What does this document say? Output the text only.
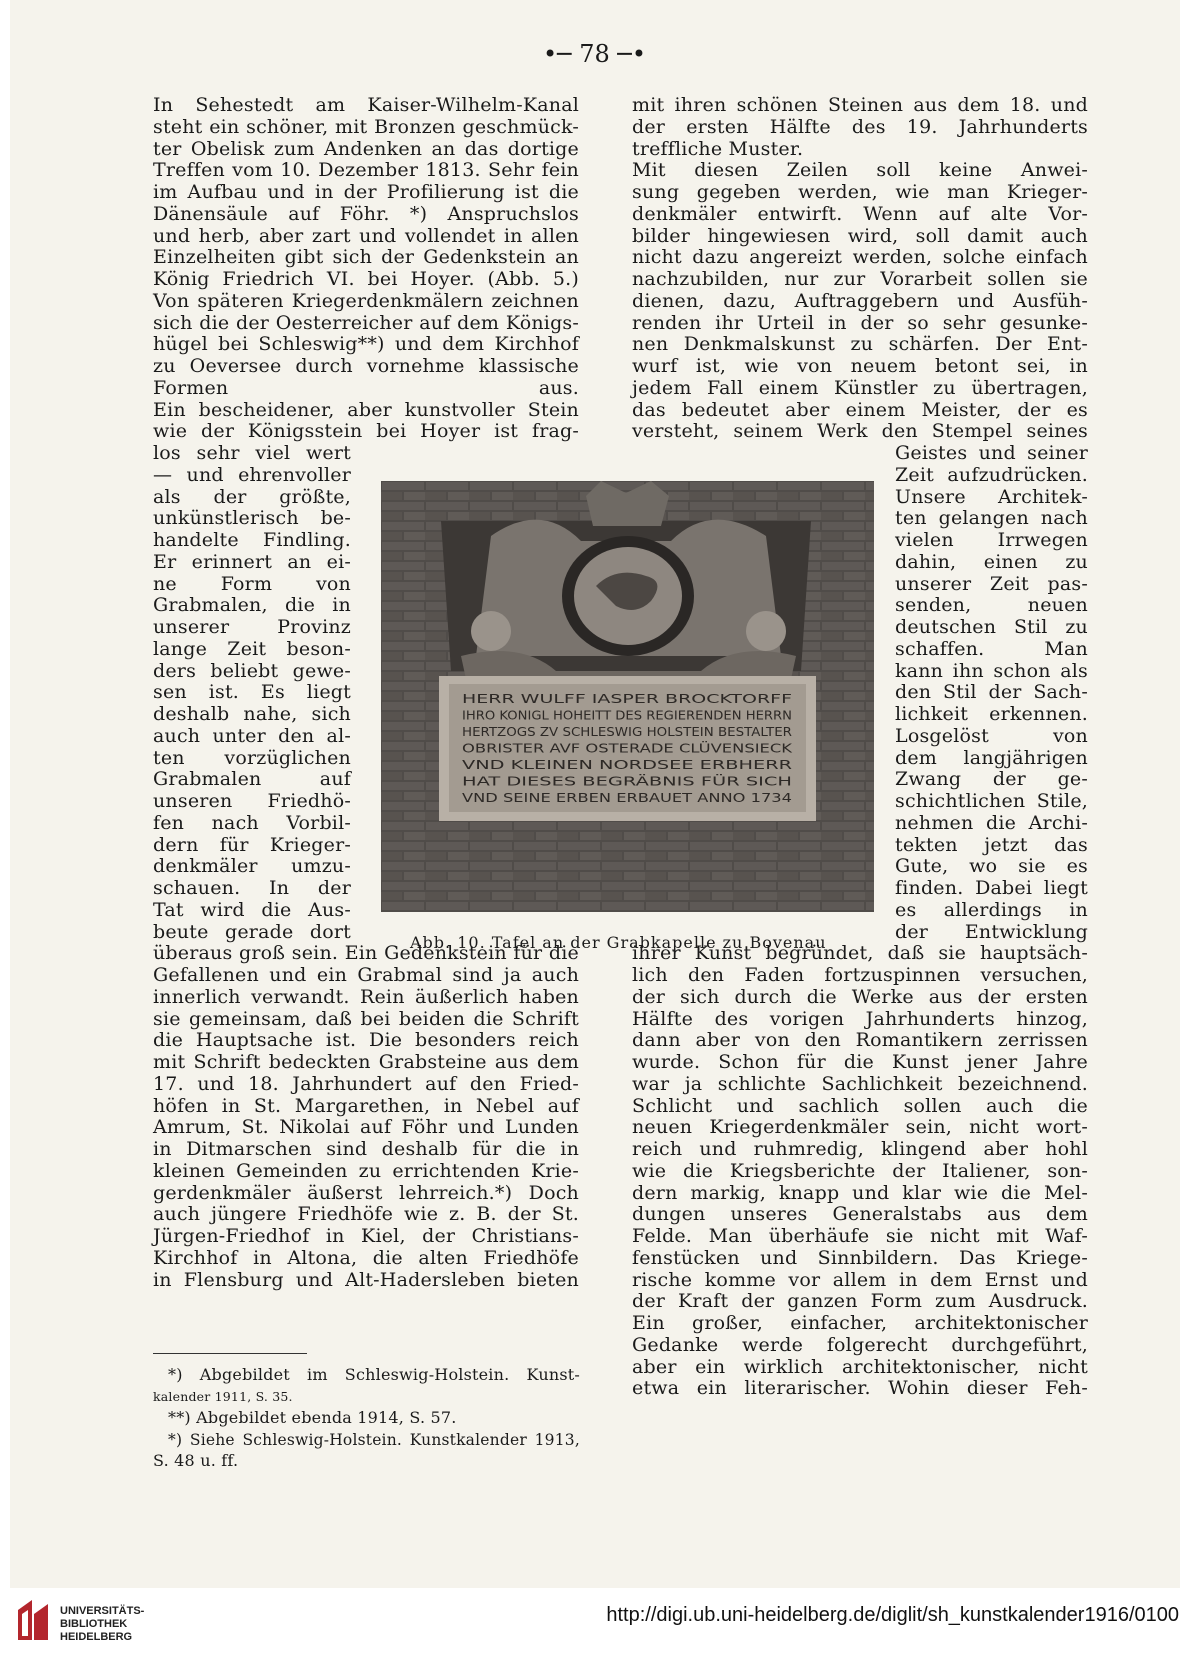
•─ 78 ─•
In Sehestedt am Kaiser-Wilhelm-Kanal
steht ein schöner, mit Bronzen geschmück-
ter Obelisk zum Andenken an das dortige
Treffen vom 10. Dezember 1813. Sehr fein
im Aufbau und in der Profilierung ist die
Dänensäule auf Föhr. *) Anspruchslos
und herb, aber zart und vollendet in allen
Einzelheiten gibt sich der Gedenkstein an
König Friedrich VI. bei Hoyer. (Abb. 5.)
Von späteren Kriegerdenkmälern zeichnen
sich die der Oesterreicher auf dem Königs-
hügel bei Schleswig**) und dem Kirchhof
zu Oeversee durch vornehme klassische
Formen aus.
Ein bescheidener, aber kunstvoller Stein
wie der Königsstein bei Hoyer ist frag-
los sehr viel wert
— und ehrenvoller
als der größte,
unkünstlerisch be-
handelte Findling.
Er erinnert an ei-
ne Form von
Grabmalen, die in
unserer Provinz
lange Zeit beson-
ders beliebt gewe-
sen ist. Es liegt
deshalb nahe, sich
auch unter den al-
ten vorzüglichen
Grabmalen auf
unseren Friedhö-
fen nach Vorbil-
dern für Krieger-
denkmäler umzu-
schauen. In der
Tat wird die Aus-
beute gerade dort
überaus groß sein. Ein Gedenkstein für die
Gefallenen und ein Grabmal sind ja auch
innerlich verwandt. Rein äußerlich haben
sie gemeinsam, daß bei beiden die Schrift
die Hauptsache ist. Die besonders reich
mit Schrift bedeckten Grabsteine aus dem
17. und 18. Jahrhundert auf den Fried-
höfen in St. Margarethen, in Nebel auf
Amrum, St. Nikolai auf Föhr und Lunden
in Ditmarschen sind deshalb für die in
kleinen Gemeinden zu errichtenden Krie-
gerdenkmäler äußerst lehrreich.*) Doch
auch jüngere Friedhöfe wie z. B. der St.
Jürgen-Friedhof in Kiel, der Christians-
Kirchhof in Altona, die alten Friedhöfe
in Flensburg und Alt-Hadersleben bieten
mit ihren schönen Steinen aus dem 18. und
der ersten Hälfte des 19. Jahrhunderts
treffliche Muster.
Mit diesen Zeilen soll keine Anwei-
sung gegeben werden, wie man Krieger-
denkmäler entwirft. Wenn auf alte Vor-
bilder hingewiesen wird, soll damit auch
nicht dazu angereizt werden, solche einfach
nachzubilden, nur zur Vorarbeit sollen sie
dienen, dazu, Auftraggebern und Ausfüh-
renden ihr Urteil in der so sehr gesunke-
nen Denkmalskunst zu schärfen. Der Ent-
wurf ist, wie von neuem betont sei, in
jedem Fall einem Künstler zu übertragen,
das bedeutet aber einem Meister, der es
versteht, seinem Werk den Stempel seines
Geistes und seiner
Zeit aufzudrücken.
Unsere Architek-
ten gelangen nach
vielen Irrwegen
dahin, einen zu
unserer Zeit pas-
senden, neuen
deutschen Stil zu
schaffen. Man
kann ihn schon als
den Stil der Sach-
lichkeit erkennen.
Losgelöst von
dem langjährigen
Zwang der ge-
schichtlichen Stile,
nehmen die Archi-
tekten jetzt das
Gute, wo sie es
finden. Dabei liegt
es allerdings in
der Entwicklung
ihrer Kunst begründet, daß sie hauptsäch-
lich den Faden fortzuspinnen versuchen,
der sich durch die Werke aus der ersten
Hälfte des vorigen Jahrhunderts hinzog,
dann aber von den Romantikern zerrissen
wurde. Schon für die Kunst jener Jahre
war ja schlichte Sachlichkeit bezeichnend.
Schlicht und sachlich sollen auch die
neuen Kriegerdenkmäler sein, nicht wort-
reich und ruhmredig, klingend aber hohl
wie die Kriegsberichte der Italiener, son-
dern markig, knapp und klar wie die Mel-
dungen unseres Generalstabs aus dem
Felde. Man überhäufe sie nicht mit Waf-
fenstücken und Sinnbildern. Das Kriege-
rische komme vor allem in dem Ernst und
der Kraft der ganzen Form zum Ausdruck.
Ein großer, einfacher, architektonischer
Gedanke werde folgerecht durchgeführt,
aber ein wirklich architektonischer, nicht
etwa ein literarischer. Wohin dieser Feh-
*) Abgebildet im Schleswig-Holstein. Kunst-
kalender 1911, S. 35.
**) Abgebildet ebenda 1914, S. 57.
*) Siehe Schleswig-Holstein. Kunstkalender 1913,
S. 48 u. ff.
HERR WULFF IASPER BROCKTORFF
IHRO KONIGL HOHEITT DES REGIERENDEN HERRN
HERTZOGS ZV SCHLESWIG HOLSTEIN BESTALTER
OBRISTER AVF OSTERADE CLÜVENSIECK
VND KLEINEN NORDSEE ERBHERR
HAT DIESES BEGRÄBNIS FÜR SICH
VND SEINE ERBEN ERBAUET ANNO 1734
Abb. 10. Tafel an der Grabkapelle zu Bovenau
UNIVERSITÄTS-
BIBLIOTHEK
HEIDELBERG
http://digi.ub.uni-heidelberg.de/diglit/sh_kunstkalender1916/0100
